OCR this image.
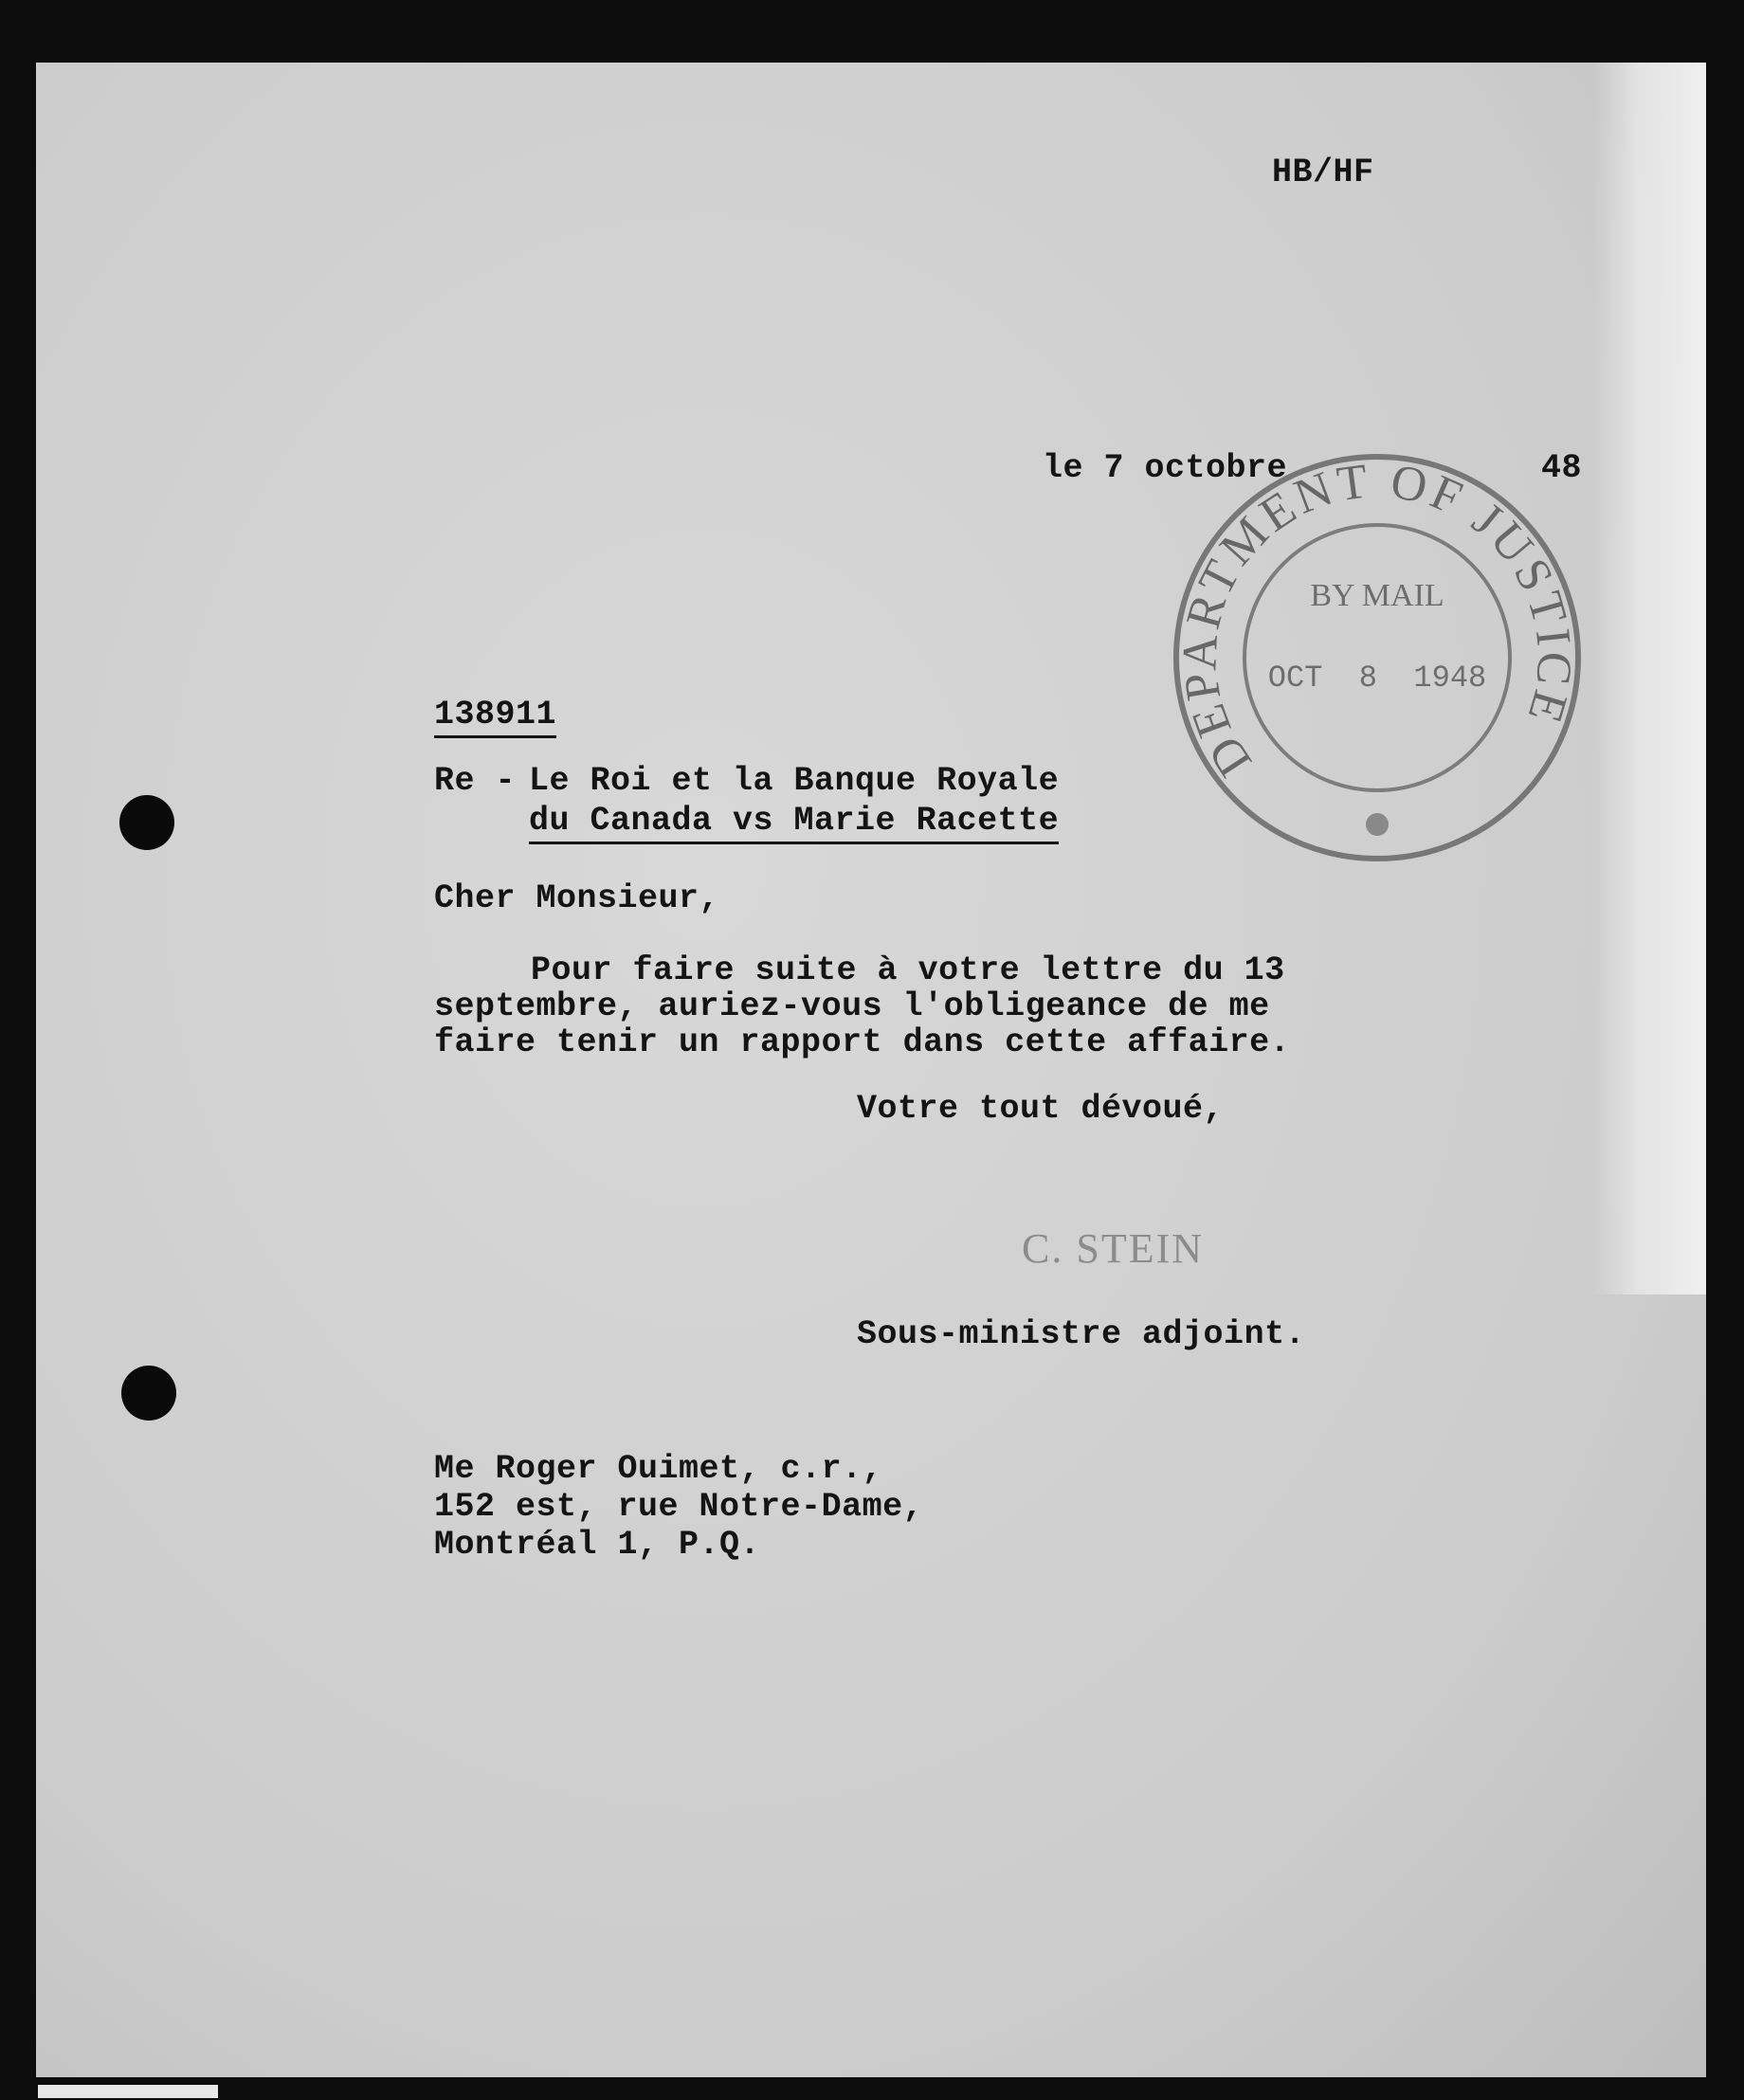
HB/HF
le 7 octobre	48
138911
Re - Le Roi et la Banque Royale
du Canada vs Marie Racette
Cher Monsieur,
Pour faire suite à votre lettre du 13
septembre, auriez-vous l'obligeance de me
faire tenir un rapport dans cette affaire.
Votre tout dévoué,
C. STEIN
Sous-ministre adjoint.
Me Roger Ouimet, c.r.,
152 est, rue Notre-Dame,
Montréal 1, P.Q.
DEPARTMENT OF JUSTICE
BY MAIL
OCT  8  1948
